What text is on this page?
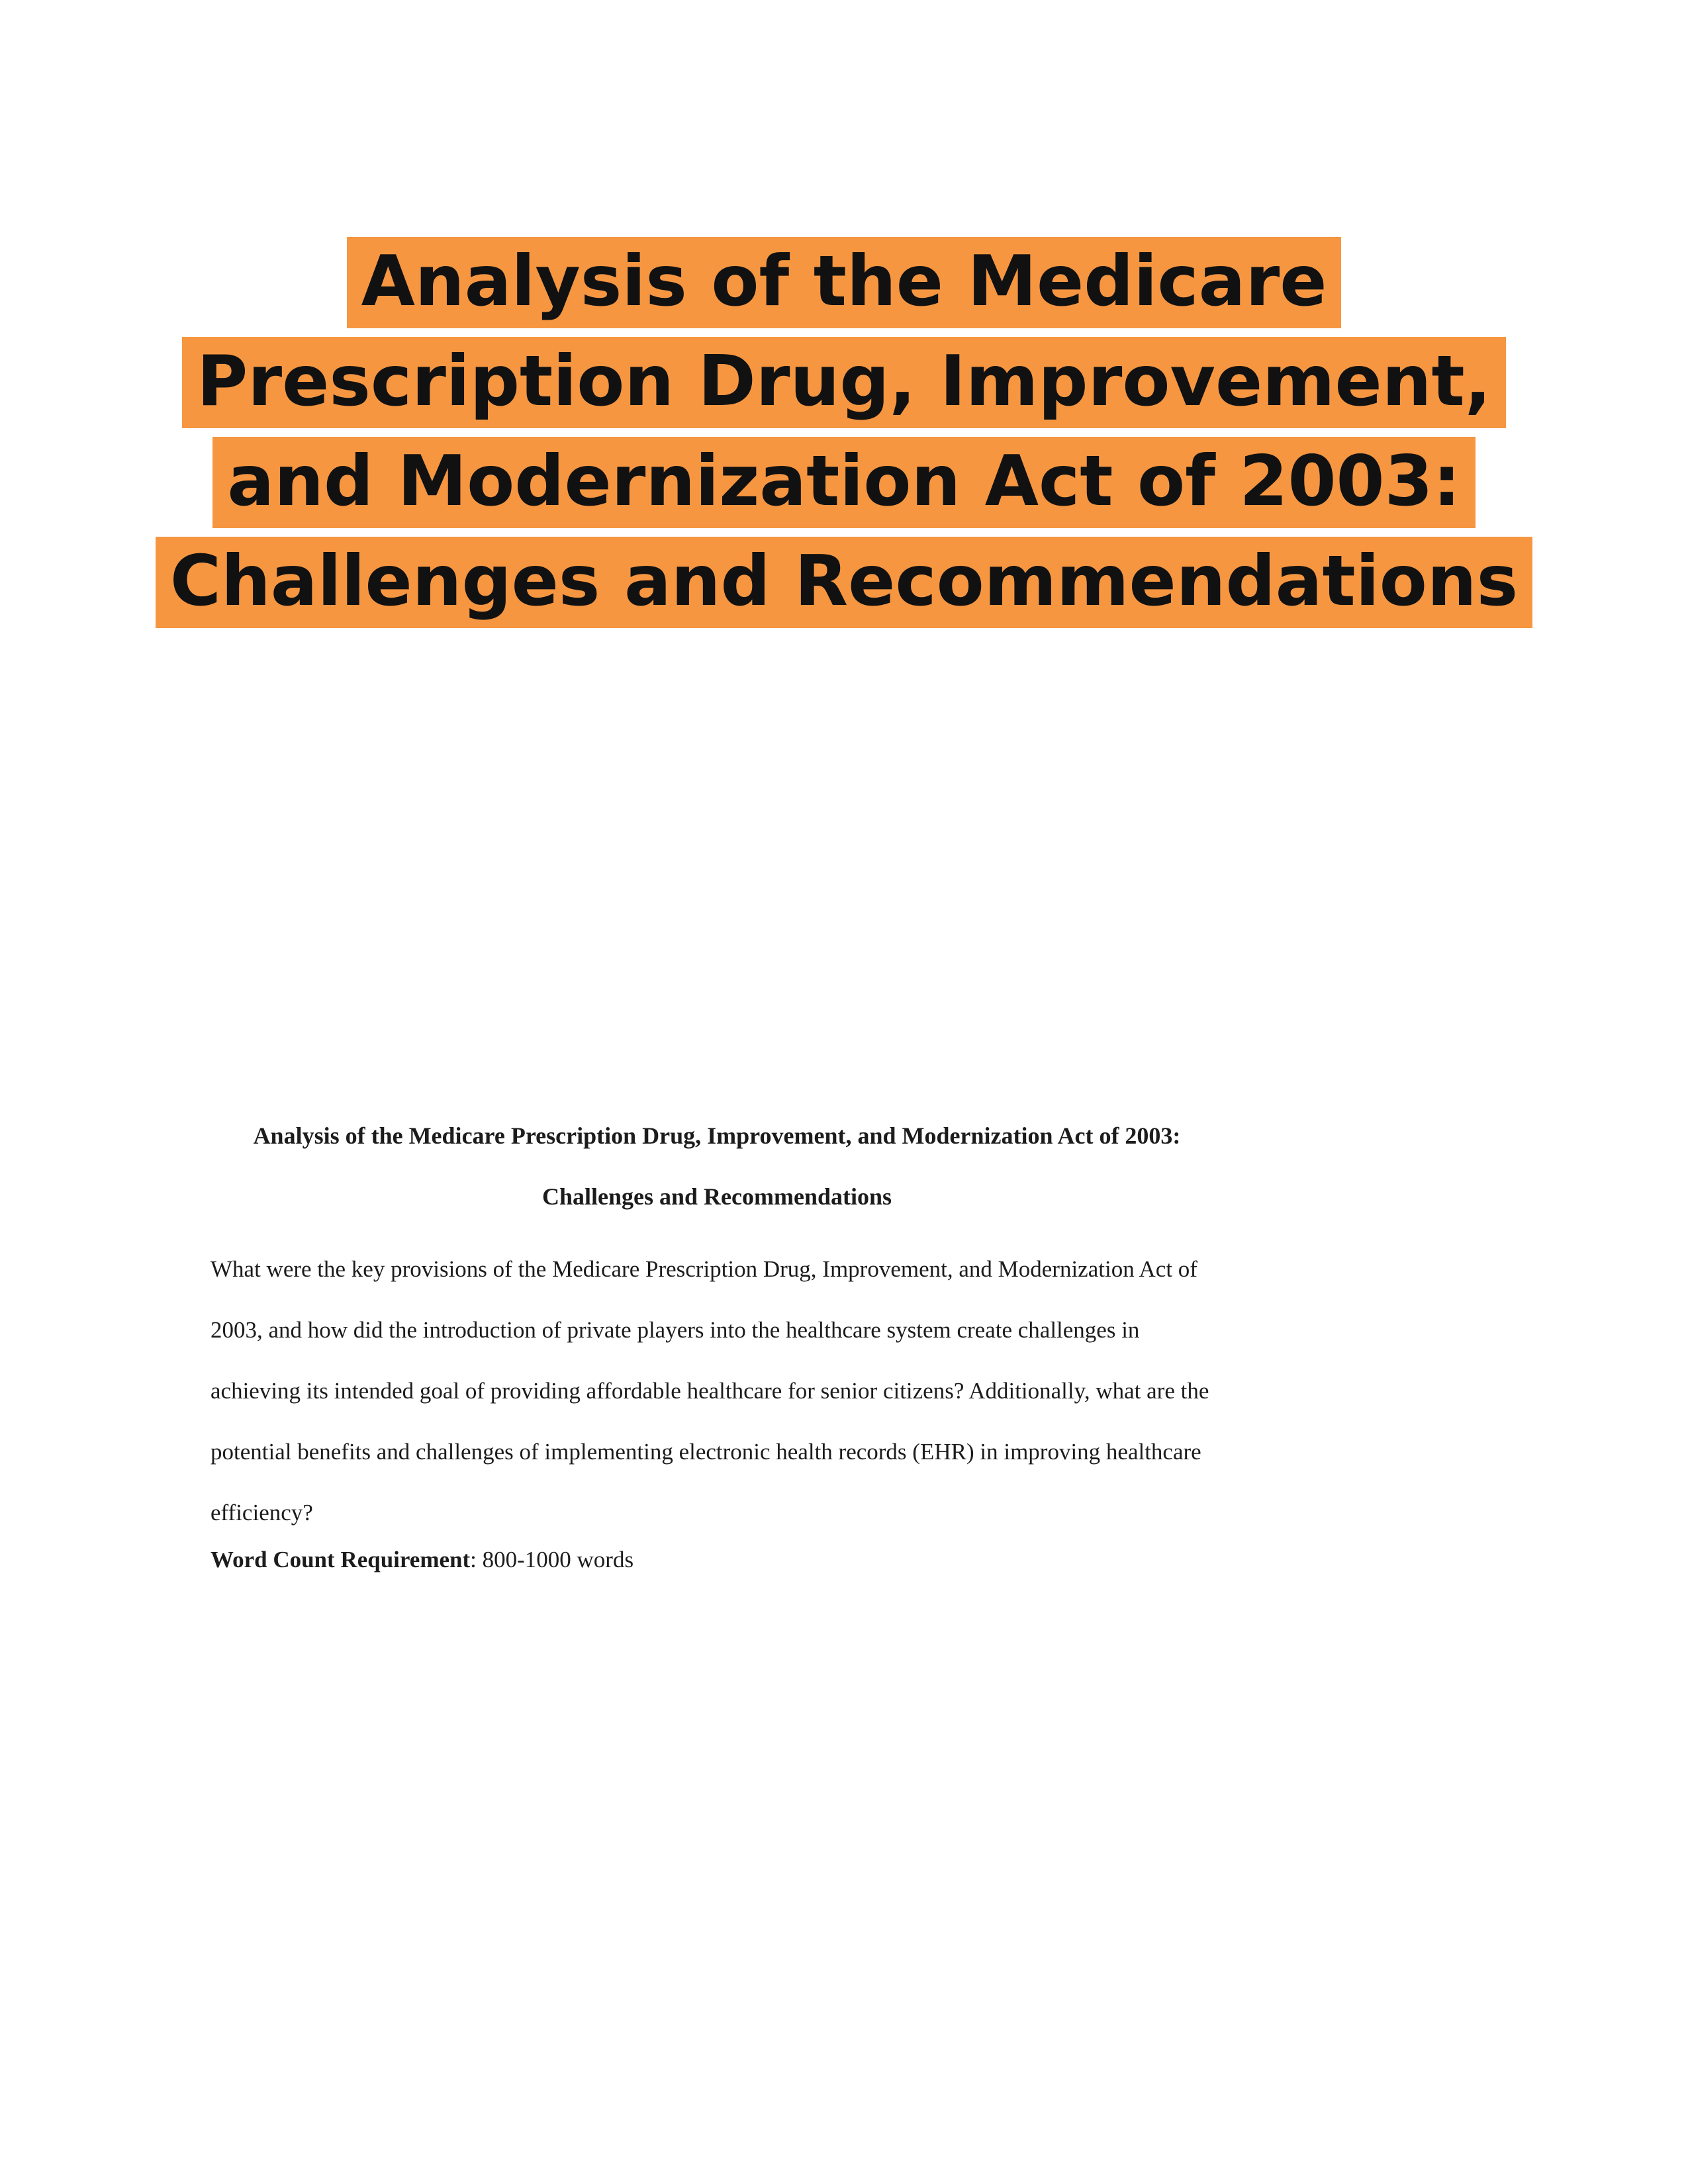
Analysis of the Medicare
Prescription Drug, Improvement,
and Modernization Act of 2003:
Challenges and Recommendations

Analysis of the Medicare Prescription Drug, Improvement, and Modernization Act of 2003: Challenges and Recommendations

What were the key provisions of the Medicare Prescription Drug, Improvement, and Modernization Act of 2003, and how did the introduction of private players into the healthcare system create challenges in achieving its intended goal of providing affordable healthcare for senior citizens? Additionally, what are the potential benefits and challenges of implementing electronic health records (EHR) in improving healthcare efficiency?

Word Count Requirement: 800-1000 words
